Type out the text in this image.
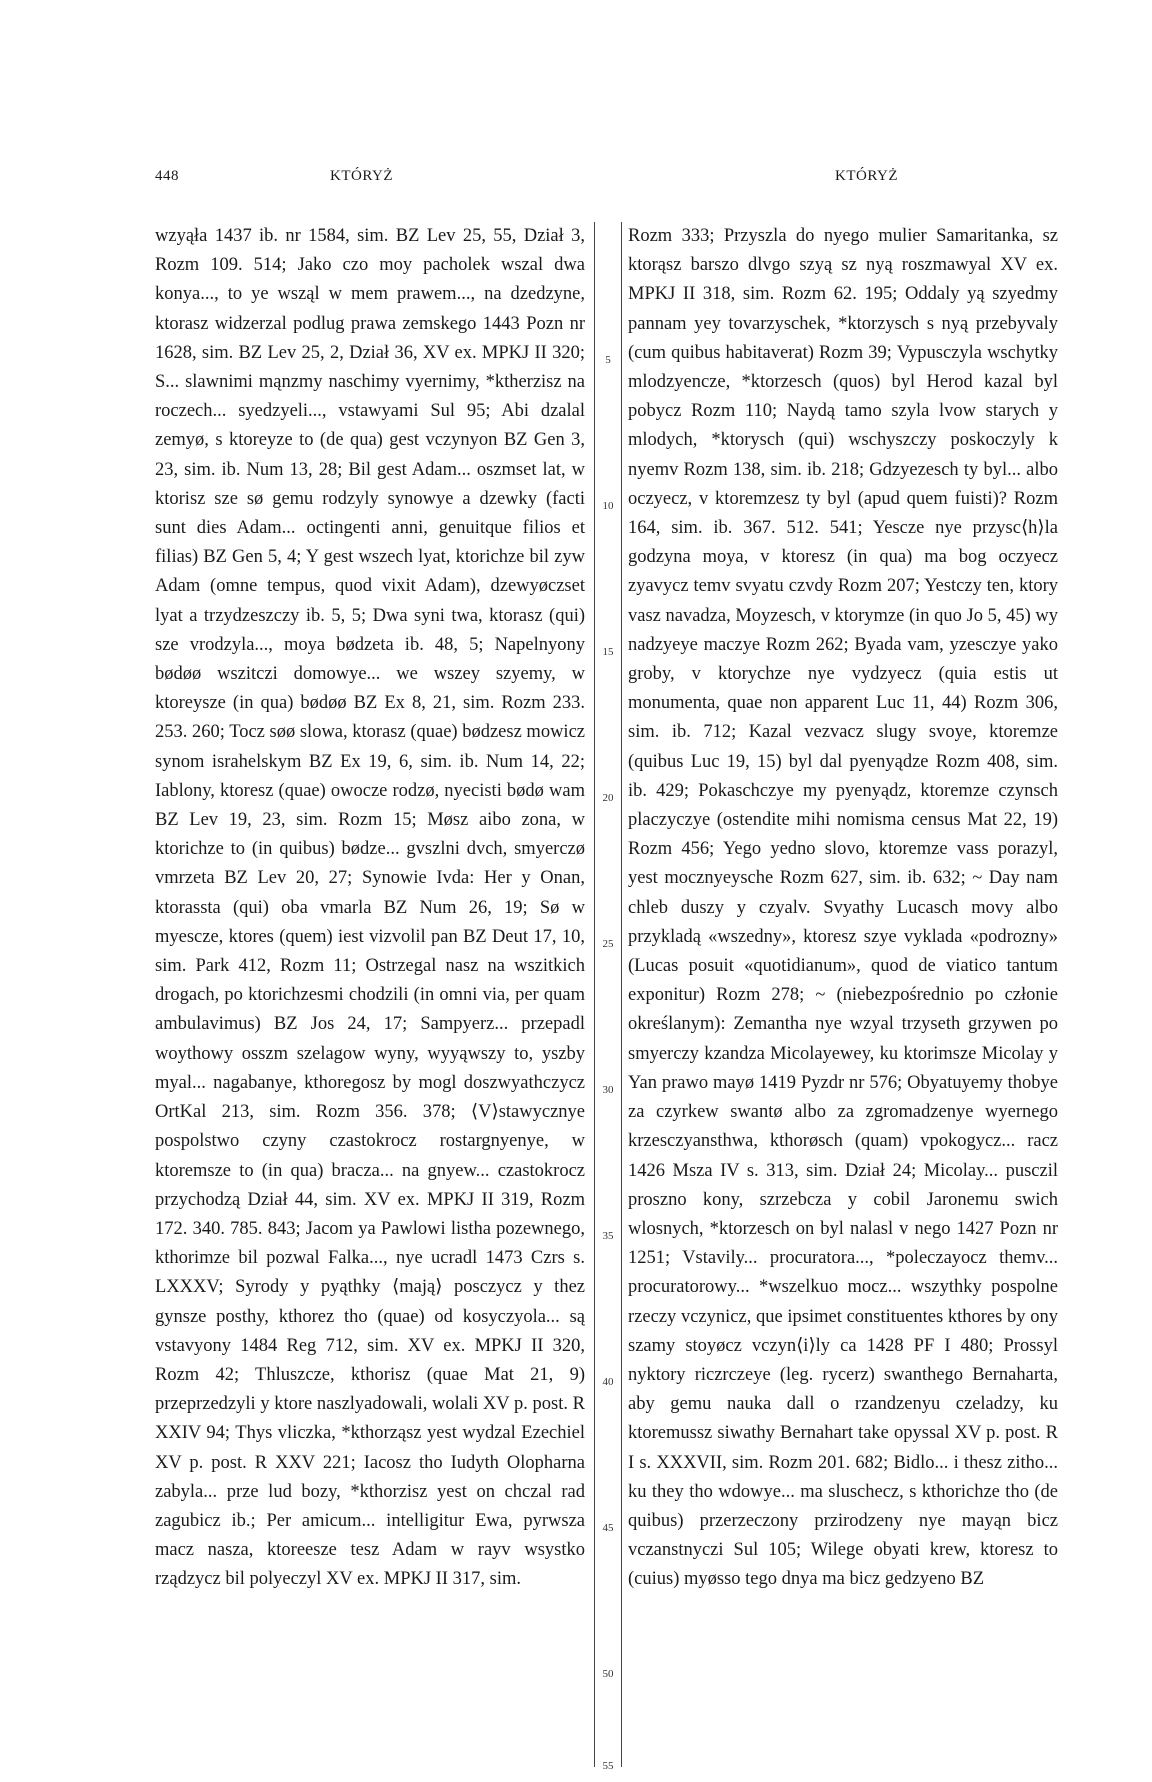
448	KTÓRYŻ	KTÓRYŻ

wzyąła 1437 ib. nr 1584, sim. BZ Lev 25, 55, Dział 3, Rozm 109. 514; Jako czo moy pacholek wszal dwa konya..., to ye wsząl w mem prawem..., na dzedzyne, ktorasz widzerzal podlug prawa zemskego 1443 Pozn nr 1628, sim. BZ Lev 25, 2, Dział 36, XV ex. MPKJ II 320; S... slawnimi mąnzmy naschimy vyernimy, *ktherzisz na roczech... syedzyeli..., vstawyami Sul 95; Abi dzalal zemyø, s ktoreyze to (de qua) gest vczynyon BZ Gen 3, 23, sim. ib. Num 13, 28; Bil gest Adam... oszmset lat, w ktorisz sze sø gemu rodzyly synowye a dzewky (facti sunt dies Adam... octingenti anni, genuitque filios et filias) BZ Gen 5, 4; Y gest wszech lyat, ktorichze bil zyw Adam (omne tempus, quod vixit Adam), dzewyøczset lyat a trzydzeszczy ib. 5, 5; Dwa syni twa, ktorasz (qui) sze vrodzyla..., moya bødzeta ib. 48, 5; Napelnyony bødøø wszitczi domowye... we wszey szyemy, w ktoreysze (in qua) bødøø BZ Ex 8, 21, sim. Rozm 233. 253. 260; Tocz søø slowa, ktorasz (quae) bødzesz mowicz synom israhelskym BZ Ex 19, 6, sim. ib. Num 14, 22; Iablony, ktoresz (quae) owocze rodzø, nyecisti bødø wam BZ Lev 19, 23, sim. Rozm 15; Møsz aibo zona, w ktorichze to (in quibus) bødze... gvszlni dvch, smyerczø vmrzeta BZ Lev 20, 27; Synowie Ivda: Her y Onan, ktorassta (qui) oba vmarla BZ Num 26, 19; Sø w myescze, ktores (quem) iest vizvolil pan BZ Deut 17, 10, sim. Park 412, Rozm 11; Ostrzegal nasz na wszitkich drogach, po ktorichzesmi chodzili (in omni via, per quam ambulavimus) BZ Jos 24, 17; Sampyerz... przepadl woythowy osszm szelagow wyny, wyyąwszy to, yszby myal... nagabanye, kthoregosz by mogl doszwyathczycz OrtKal 213, sim. Rozm 356. 378; ⟨V⟩stawycznye pospolstwo czyny czastokrocz rostargnyenye, w ktoremsze to (in qua) bracza... na gnyew... czastokrocz przychodzą Dział 44, sim. XV ex. MPKJ II 319, Rozm 172. 340. 785. 843; Jacom ya Pawlowi listha pozewnego, kthorimze bil pozwal Falka..., nye ucradl 1473 Czrs s. LXXXV; Syrody y pyąthky ⟨mają⟩ posczycz y thez gynsze posthy, kthorez tho (quae) od kosyczyola... są vstavyony 1484 Reg 712, sim. XV ex. MPKJ II 320, Rozm 42; Thluszcze, kthorisz (quae Mat 21, 9) przeprzedzyli y ktore naszlyadowali, wolali XV p. post. R XXIV 94; Thys vliczka, *kthorząsz yest wydzal Ezechiel XV p. post. R XXV 221; Iacosz tho Iudyth Olopharna zabyla... prze lud bozy, *kthorzisz yest on chczal rad zagubicz ib.; Per amicum... intelligitur Ewa, pyrwsza macz nasza, ktoreesze tesz Adam w rayv wsystko rządzycz bil polyeczyl XV ex. MPKJ II 317, sim.

5
10
15
20
25
30
35
40
45
50
55

Rozm 333; Przyszla do nyego mulier Samaritanka, sz ktorąsz barszo dlvgo szyą sz nyą roszmawyal XV ex. MPKJ II 318, sim. Rozm 62. 195; Oddaly yą szyedmy pannam yey tovarzyschek, *ktorzysch s nyą przebyvaly (cum quibus habitaverat) Rozm 39; Vypusczyla wschytky mlodzyencze, *ktorzesch (quos) byl Herod kazal byl pobycz Rozm 110; Naydą tamo szyla lvow starych y mlodych, *ktorysch (qui) wschyszczy poskoczyly k nyemv Rozm 138, sim. ib. 218; Gdzyezesch ty byl... albo oczyecz, v ktoremzesz ty byl (apud quem fuisti)? Rozm 164, sim. ib. 367. 512. 541; Yescze nye przysc⟨h⟩la godzyna moya, v ktoresz (in qua) ma bog oczyecz zyavycz temv svyatu czvdy Rozm 207; Yestczy ten, ktory vasz navadza, Moyzesch, v ktorymze (in quo Jo 5, 45) wy nadzyeye maczye Rozm 262; Byada vam, yzesczye yako groby, v ktorychze nye vydzyecz (quia estis ut monumenta, quae non apparent Luc 11, 44) Rozm 306, sim. ib. 712; Kazal vezvacz slugy svoye, ktoremze (quibus Luc 19, 15) byl dal pyenyądze Rozm 408, sim. ib. 429; Pokaschczye my pyenyądz, ktoremze czynsch placzyczye (ostendite mihi nomisma census Mat 22, 19) Rozm 456; Yego yedno slovo, ktoremze vass porazyl, yest mocznyeysche Rozm 627, sim. ib. 632; ~ Day nam chleb duszy y czyalv. Svyathy Lucasch movy albo przykladą «wszedny», ktoresz szye vyklada «podrozny» (Lucas posuit «quotidianum», quod de viatico tantum exponitur) Rozm 278; ~ (niebezpośrednio po członie określanym): Zemantha nye wzyal trzyseth grzywen po smyerczy kzandza Micolayewey, ku ktorimsze Micolay y Yan prawo mayø 1419 Pyzdr nr 576; Obyatuyemy thobye za czyrkew swantø albo za zgromadzenye wyernego krzesczyansthwa, kthorøsch (quam) vpokogycz... racz 1426 Msza IV s. 313, sim. Dział 24; Micolay... pusczil proszno kony, szrzebcza y cobil Jaronemu swich wlosnych, *ktorzesch on byl nalasl v nego 1427 Pozn nr 1251; Vstavily... procuratora..., *poleczayocz themv... procuratorowy... *wszelkuo mocz... wszythky pospolne rzeczy vczynicz, que ipsimet constituentes kthores by ony szamy stoyøcz vczyn⟨i⟩ly ca 1428 PF I 480; Prossyl nyktory riczrczeye (leg. rycerz) swanthego Bernaharta, aby gemu nauka dall o rzandzenyu czeladzy, ku ktoremussz siwathy Bernahart take opyssal XV p. post. R I s. XXXVII, sim. Rozm 201. 682; Bidlo... i thesz zitho... ku they tho wdowye... ma sluschecz, s kthorichze tho (de quibus) przerzeczony przirodzeny nye mayąn bicz vczanstnyczi Sul 105; Wilege obyati krew, ktoresz to (cuius) myøsso tego dnya ma bicz gedzyeno BZ
